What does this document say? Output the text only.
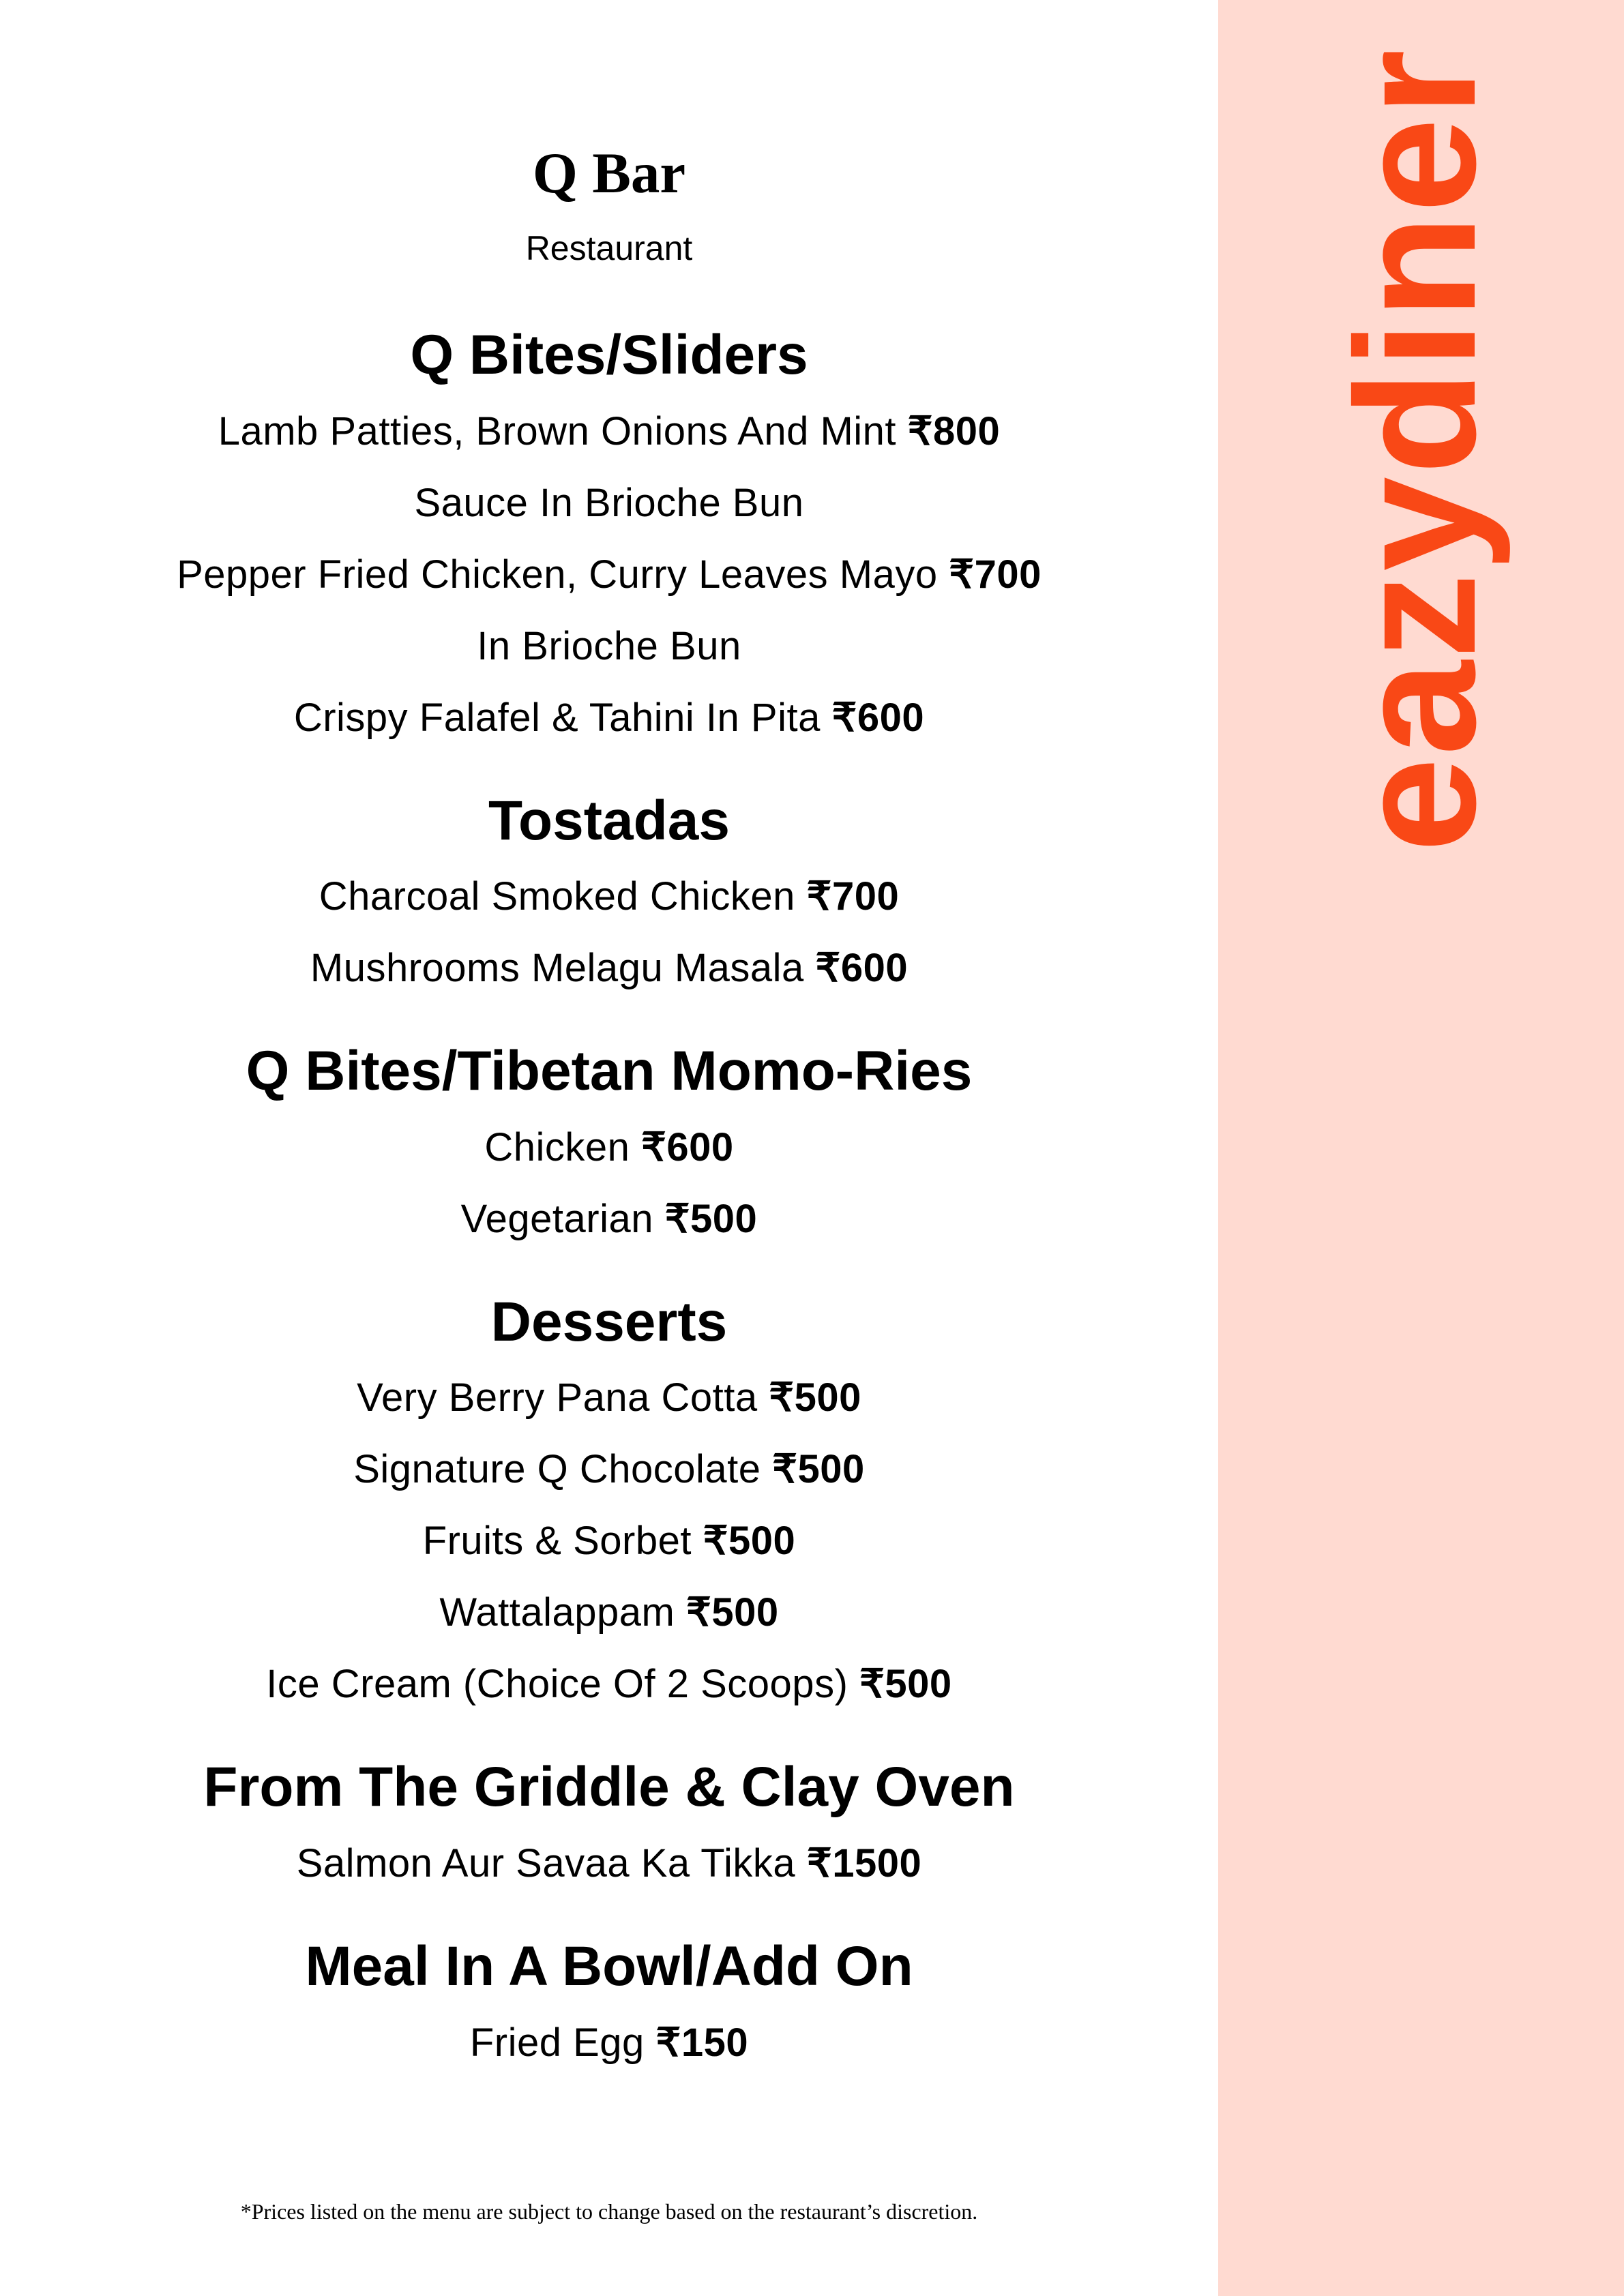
Q Bar
Restaurant
Q Bites/Sliders
Lamb Patties, Brown Onions And Mint ₹800
Sauce In Brioche Bun
Pepper Fried Chicken, Curry Leaves Mayo ₹700
In Brioche Bun
Crispy Falafel & Tahini In Pita ₹600
Tostadas
Charcoal Smoked Chicken ₹700
Mushrooms Melagu Masala ₹600
Q Bites/Tibetan Momo-Ries
Chicken ₹600
Vegetarian ₹500
Desserts
Very Berry Pana Cotta ₹500
Signature Q Chocolate ₹500
Fruits & Sorbet ₹500
Wattalappam ₹500
Ice Cream (Choice Of 2 Scoops) ₹500
From The Griddle & Clay Oven
Salmon Aur Savaa Ka Tikka ₹1500
Meal In A Bowl/Add On
Fried Egg ₹150
*Prices listed on the menu are subject to change based on the restaurant’s discretion.
eazydiner
